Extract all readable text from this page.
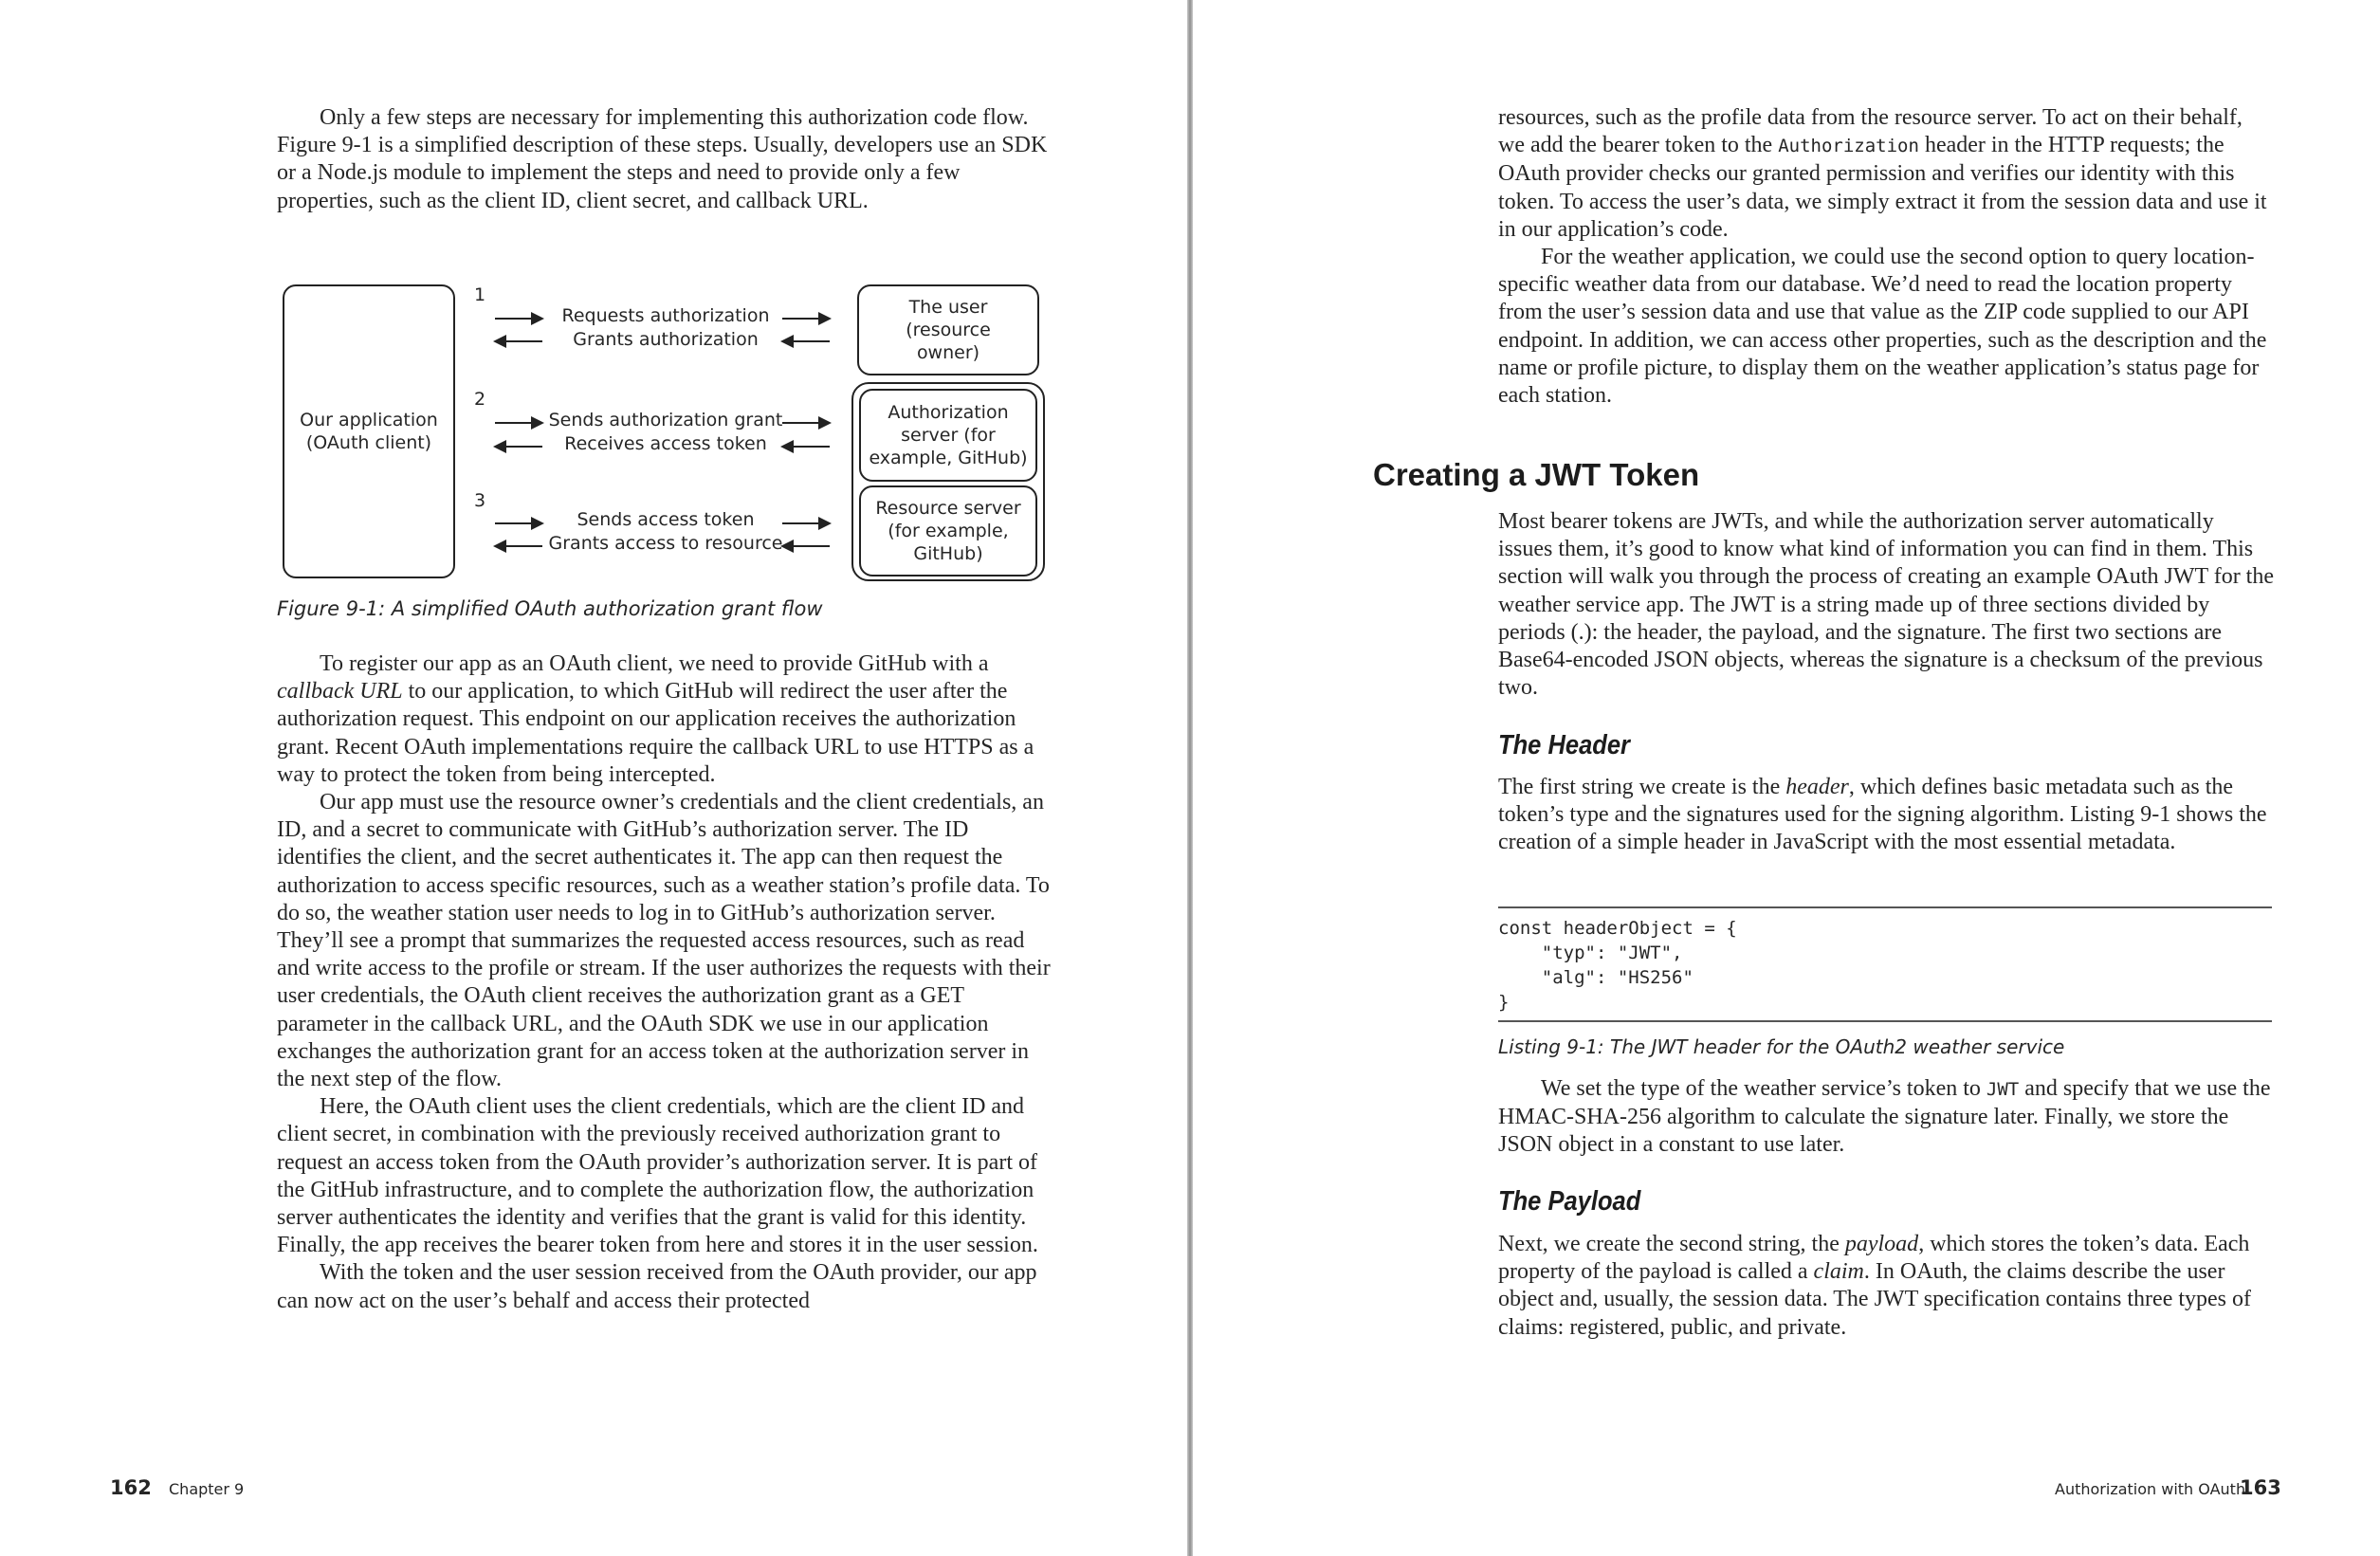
Only a few steps are necessary for implementing this authorization code flow. Figure 9-1 is a simplified description of these steps. Usually, developers use an SDK or a Node.js module to implement the steps and need to provide only a few properties, such as the client ID, client secret, and callback URL.

Our application (OAuth client)
1
Requests authorization
Grants authorization
The user (resource owner)
2
Sends authorization grant
Receives access token
Authorization server (for example, GitHub)
3
Sends access token
Grants access to resource
Resource server (for example, GitHub)
Figure 9-1: A simplified OAuth authorization grant flow

To register our app as an OAuth client, we need to provide GitHub with a callback URL to our application, to which GitHub will redirect the user after the authorization request. This endpoint on our application receives the authorization grant. Recent OAuth implementations require the callback URL to use HTTPS as a way to protect the token from being intercepted.

Our app must use the resource owner’s credentials and the client credentials, an ID, and a secret to communicate with GitHub’s authorization server. The ID identifies the client, and the secret authenticates it. The app can then request the authorization to access specific resources, such as a weather station’s profile data. To do so, the weather station user needs to log in to GitHub’s authorization server. They’ll see a prompt that summarizes the requested access resources, such as read and write access to the profile or stream. If the user authorizes the requests with their user credentials, the OAuth client receives the authorization grant as a GET parameter in the callback URL, and the OAuth SDK we use in our application exchanges the authorization grant for an access token at the authorization server in the next step of the flow.

Here, the OAuth client uses the client credentials, which are the client ID and client secret, in combination with the previously received authorization grant to request an access token from the OAuth provider’s authorization server. It is part of the GitHub infrastructure, and to complete the authorization flow, the authorization server authenticates the identity and verifies that the grant is valid for this identity. Finally, the app receives the bearer token from here and stores it in the user session.

With the token and the user session received from the OAuth provider, our app can now act on the user’s behalf and access their protected

162 Chapter 9

resources, such as the profile data from the resource server. To act on their behalf, we add the bearer token to the Authorization header in the HTTP requests; the OAuth provider checks our granted permission and verifies our identity with this token. To access the user’s data, we simply extract it from the session data and use it in our application’s code.

For the weather application, we could use the second option to query location-specific weather data from our database. We’d need to read the location property from the user’s session data and use that value as the ZIP code supplied to our API endpoint. In addition, we can access other properties, such as the description and the name or profile picture, to display them on the weather application’s status page for each station.

Creating a JWT Token

Most bearer tokens are JWTs, and while the authorization server automatically issues them, it’s good to know what kind of information you can find in them. This section will walk you through the process of creating an example OAuth JWT for the weather service app. The JWT is a string made up of three sections divided by periods (.): the header, the payload, and the signature. The first two sections are Base64-encoded JSON objects, whereas the signature is a checksum of the previous two.

The Header

The first string we create is the header, which defines basic metadata such as the token’s type and the signatures used for the signing algorithm. Listing 9-1 shows the creation of a simple header in JavaScript with the most essential metadata.

const headerObject = {
"typ": "JWT",
"alg": "HS256"
}
Listing 9-1: The JWT header for the OAuth2 weather service

We set the type of the weather service’s token to JWT and specify that we use the HMAC-SHA-256 algorithm to calculate the signature later. Finally, we store the JSON object in a constant to use later.

The Payload

Next, we create the second string, the payload, which stores the token’s data. Each property of the payload is called a claim. In OAuth, the claims describe the user object and, usually, the session data. The JWT specification contains three types of claims: registered, public, and private.

Authorization with OAuth
163
